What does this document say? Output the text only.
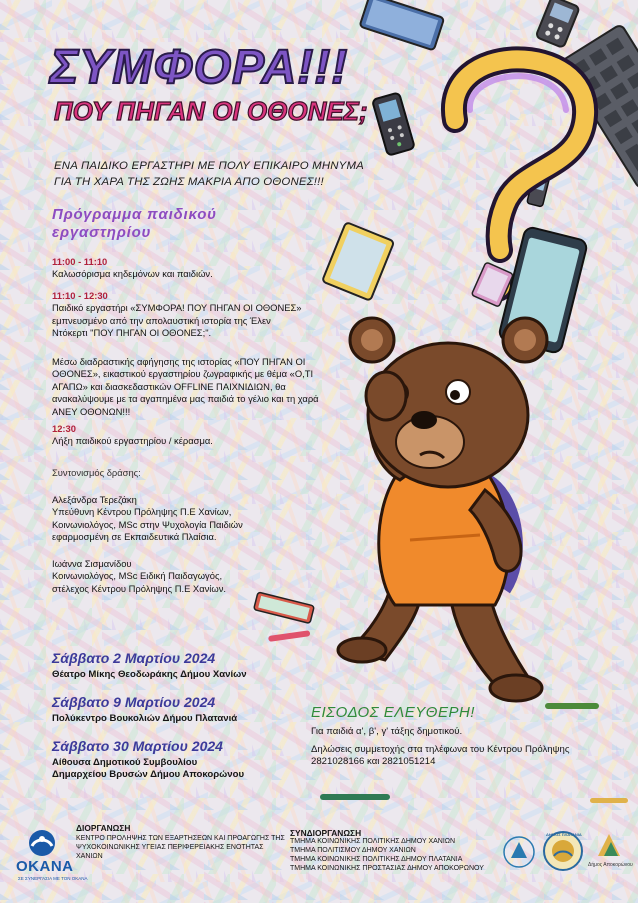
ΣΥΜΦΟΡΑ!!!
ΠΟΥ ΠΗΓΑΝ ΟΙ ΟΘΟΝΕΣ;
ΕΝΑ ΠΑΙΔΙΚΟ ΕΡΓΑΣΤΗΡΙ ΜΕ ΠΟΛΥ ΕΠΙΚΑΙΡΟ ΜΗΝΥΜΑ ΓΙΑ ΤΗ ΧΑΡΑ ΤΗΣ ΖΩΗΣ ΜΑΚΡΙΑ ΑΠΟ ΟΘΟΝΕΣ!!!
Πρόγραμμα παιδικού εργαστηρίου
11:00 - 11:10
Καλωσόρισμα κηδεμόνων και παιδιών.
11:10 - 12:30
Παιδικό εργαστήρι «ΣΥΜΦΟΡΑ! ΠΟΥ ΠΗΓΑΝ ΟΙ ΟΘΟΝΕΣ» εμπνευσμένο από την απολαυστική ιστορία της Έλεν Ντόκερτι "ΠΟΥ ΠΗΓΑΝ ΟΙ ΟΘΟΝΕΣ;".
Μέσω διαδραστικής αφήγησης της ιστορίας «ΠΟΥ ΠΗΓΑΝ ΟΙ ΟΘΟΝΕΣ», εικαστικού εργαστηρίου ζωγραφικής με θέμα «Ο,ΤΙ ΑΓΑΠΩ» και διασκεδαστικών OFFLINE ΠΑΙΧΝΙΔΙΩΝ, θα ανακαλύψουμε με τα αγαπημένα μας παιδιά το γέλιο και τη χαρά ΑΝΕΥ ΟΘΟΝΩΝ!!!
12:30
Λήξη παιδικού εργαστηρίου / κέρασμα.
Συντονισμός δράσης:
Αλεξάνδρα Τερεζάκη
Υπεύθυνη Κέντρου Πρόληψης Π.Ε Χανίων, Κοινωνιολόγος, MSc στην Ψυχολογία Παιδιών εφαρμοσμένη σε Εκπαιδευτικά Πλαίσια.
Ιωάννα Σισμανίδου
Κοινωνιολόγος, MSc Ειδική Παιδαγωγός, στέλεχος Κέντρου Πρόληψης Π.Ε Χανίων.
Σάββατο 2 Μαρτίου 2024
Θέατρο Μίκης Θεοδωράκης Δήμου Χανίων
Σάββατο 9 Μαρτίου 2024
Πολύκεντρο Βουκολιών Δήμου Πλατανιά
Σάββατο 30 Μαρτίου 2024
Αίθουσα Δημοτικού Συμβουλίου Δημαρχείου Βρυσών Δήμου Αποκορώνου
ΕΙΣΟΔΟΣ ΕΛΕΥΘΕΡΗ!
Για παιδιά α', β', γ' τάξης δημοτικού.
Δηλώσεις συμμετοχής στα τηλέφωνα του Κέντρου Πρόληψης 2821028166 και 2821051214
OKANA
ΣΕ ΣΥΝΕΡΓΑΣΙΑ ΜΕ ΤΟΝ ΟΚΑΝΑ
ΔΙΟΡΓΑΝΩΣΗ
ΚΕΝΤΡΟ ΠΡΟΛΗΨΗΣ ΤΩΝ ΕΞΑΡΤΗΣΕΩΝ ΚΑΙ ΠΡΟΑΓΩΓΗΣ ΤΗΣ ΨΥΧΟΚΟΙΝΩΝΙΚΗΣ ΥΓΕΙΑΣ ΠΕΡΙΦΕΡΕΙΑΚΗΣ ΕΝΟΤΗΤΑΣ ΧΑΝΙΩΝ
ΣΥΝΔΙΟΡΓΑΝΩΣΗ
ΤΜΗΜΑ ΚΟΙΝΩΝΙΚΗΣ ΠΟΛΙΤΙΚΗΣ ΔΗΜΟΥ ΧΑΝΙΩΝ
ΤΜΗΜΑ ΠΟΛΙΤΙΣΜΟΥ ΔΗΜΟΥ ΧΑΝΙΩΝ
ΤΜΗΜΑ ΚΟΙΝΩΝΙΚΗΣ ΠΟΛΙΤΙΚΗΣ ΔΗΜΟΥ ΠΛΑΤΑΝΙΑ
ΤΜΗΜΑ ΚΟΙΝΩΝΙΚΗΣ ΠΡΟΣΤΑΣΙΑΣ ΔΗΜΟΥ ΑΠΟΚΟΡΩΝΟΥ
ΔΗΜΟΣ ΠΛΑΤΑΝΙΑ
Δήμος Αποκορώνου
